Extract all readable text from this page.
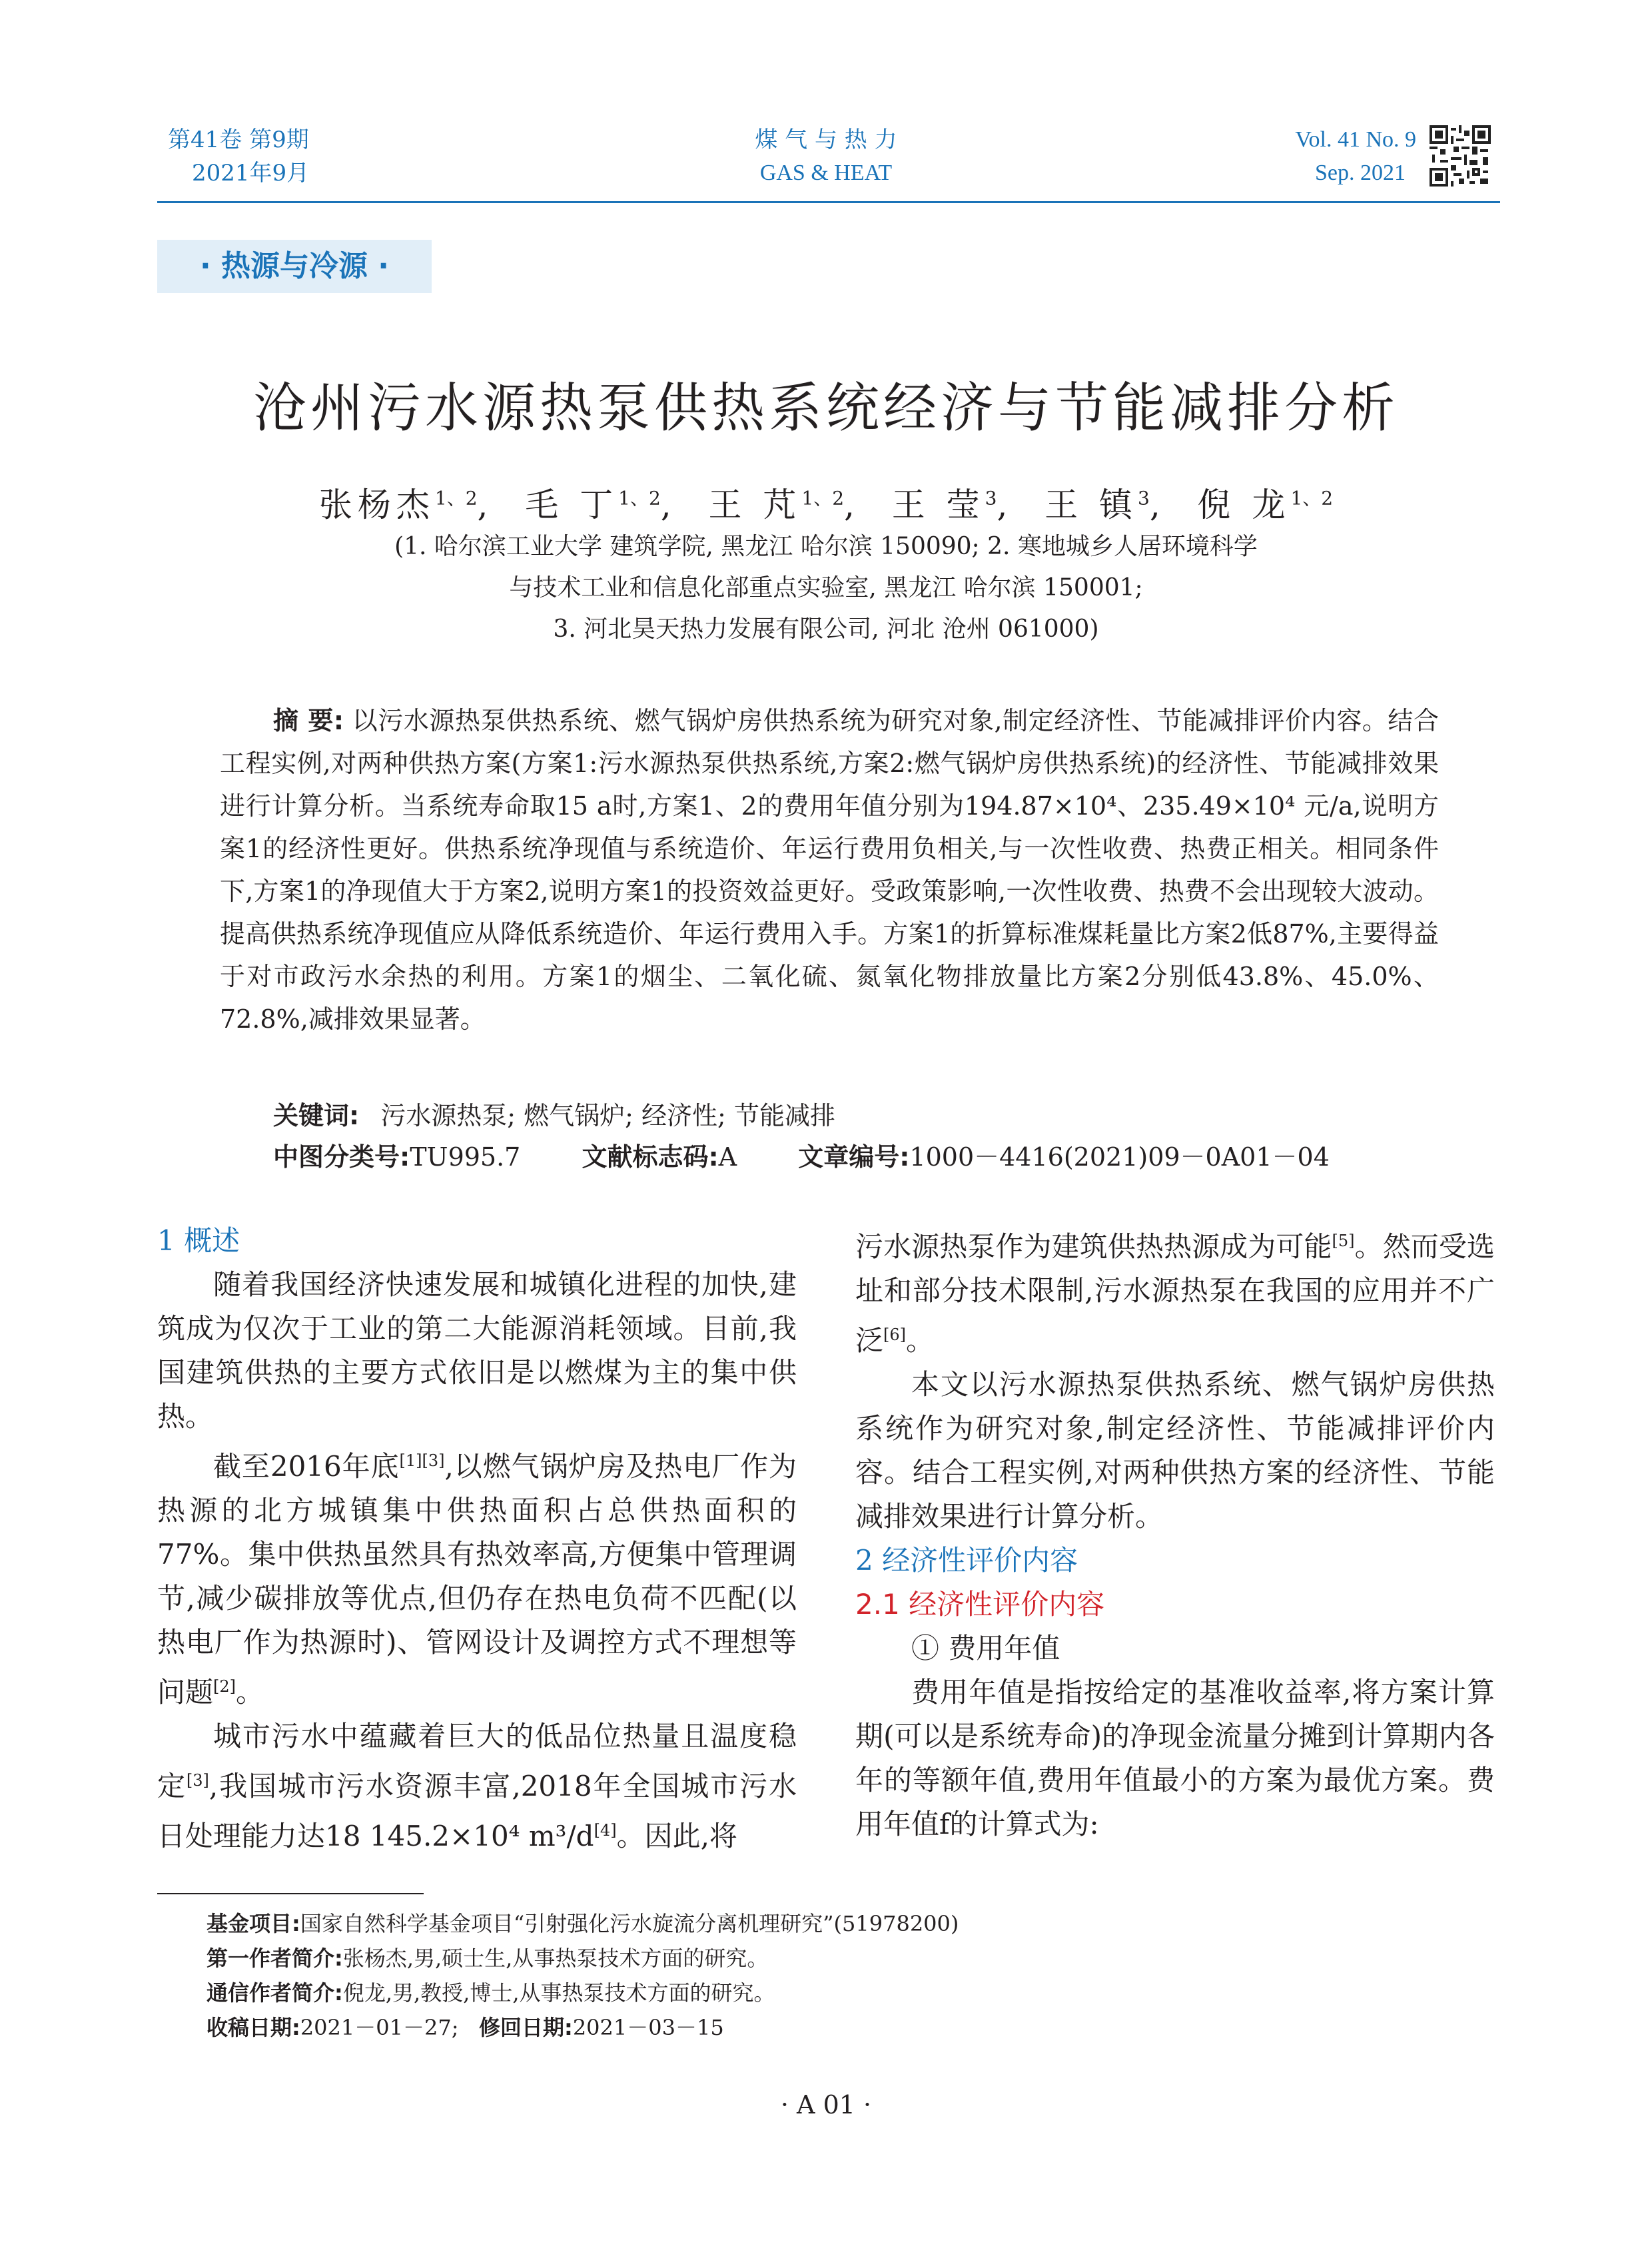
第41卷 第9期
2021年9月
煤 气 与 热 力
GAS & HEAT
Vol. 41 No. 9
Sep. 2021
· 热源与冷源 ·
沧州污水源热泵供热系统经济与节能减排分析
张杨杰$^{1、2}$,  毛 丁$^{1、2}$,  王 芃$^{1、2}$,  王 莹$^3$,  王 镇$^3$,  倪 龙$^{1、2}$
(1. 哈尔滨工业大学 建筑学院, 黑龙江 哈尔滨 150090; 2. 寒地城乡人居环境科学
与技术工业和信息化部重点实验室, 黑龙江 哈尔滨 150001;
3. 河北昊天热力发展有限公司, 河北 沧州 061000)
摘 要: 以污水源热泵供热系统、燃气锅炉房供热系统为研究对象,制定经济性、节能减排评价内容。结合工程实例,对两种供热方案(方案1:污水源热泵供热系统,方案2:燃气锅炉房供热系统)的经济性、节能减排效果进行计算分析。当系统寿命取15 a时,方案1、2的费用年值分别为194.87×10⁴、235.49×10⁴ 元/a,说明方案1的经济性更好。供热系统净现值与系统造价、年运行费用负相关,与一次性收费、热费正相关。相同条件下,方案1的净现值大于方案2,说明方案1的投资效益更好。受政策影响,一次性收费、热费不会出现较大波动。提高供热系统净现值应从降低系统造价、年运行费用入手。方案1的折算标准煤耗量比方案2低87%,主要得益于对市政污水余热的利用。方案1的烟尘、二氧化硫、氮氧化物排放量比方案2分别低43.8%、45.0%、72.8%,减排效果显著。
关键词: 污水源热泵; 燃气锅炉; 经济性; 节能减排
中图分类号:TU995.7 文献标志码:A 文章编号:1000－4416(2021)09－0A01－04

1 概述

随着我国经济快速发展和城镇化进程的加快,建筑成为仅次于工业的第二大能源消耗领域。目前,我国建筑供热的主要方式依旧是以燃煤为主的集中供热。

截至2016年底[1][3],以燃气锅炉房及热电厂作为热源的北方城镇集中供热面积占总供热面积的77%。集中供热虽然具有热效率高,方便集中管理调节,减少碳排放等优点,但仍存在热电负荷不匹配(以热电厂作为热源时)、管网设计及调控方式不理想等问题[2]。

城市污水中蕴藏着巨大的低品位热量且温度稳定[3],我国城市污水资源丰富,2018年全国城市污水日处理能力达18 145.2×10⁴ m³/d[4]。因此,将

污水源热泵作为建筑供热热源成为可能[5]。然而受选址和部分技术限制,污水源热泵在我国的应用并不广泛[6]。

本文以污水源热泵供热系统、燃气锅炉房供热系统作为研究对象,制定经济性、节能减排评价内容。结合工程实例,对两种供热方案的经济性、节能减排效果进行计算分析。

2 经济性评价内容

2.1 经济性评价内容

① 费用年值

费用年值是指按给定的基准收益率,将方案计算期(可以是系统寿命)的净现金流量分摊到计算期内各年的等额年值,费用年值最小的方案为最优方案。费用年值f的计算式为:

基金项目:国家自然科学基金项目“引射强化污水旋流分离机理研究”(51978200)
第一作者简介:张杨杰,男,硕士生,从事热泵技术方面的研究。
通信作者简介:倪龙,男,教授,博士,从事热泵技术方面的研究。
收稿日期:2021－01－27; 修回日期:2021－03－15
· A 01 ·
